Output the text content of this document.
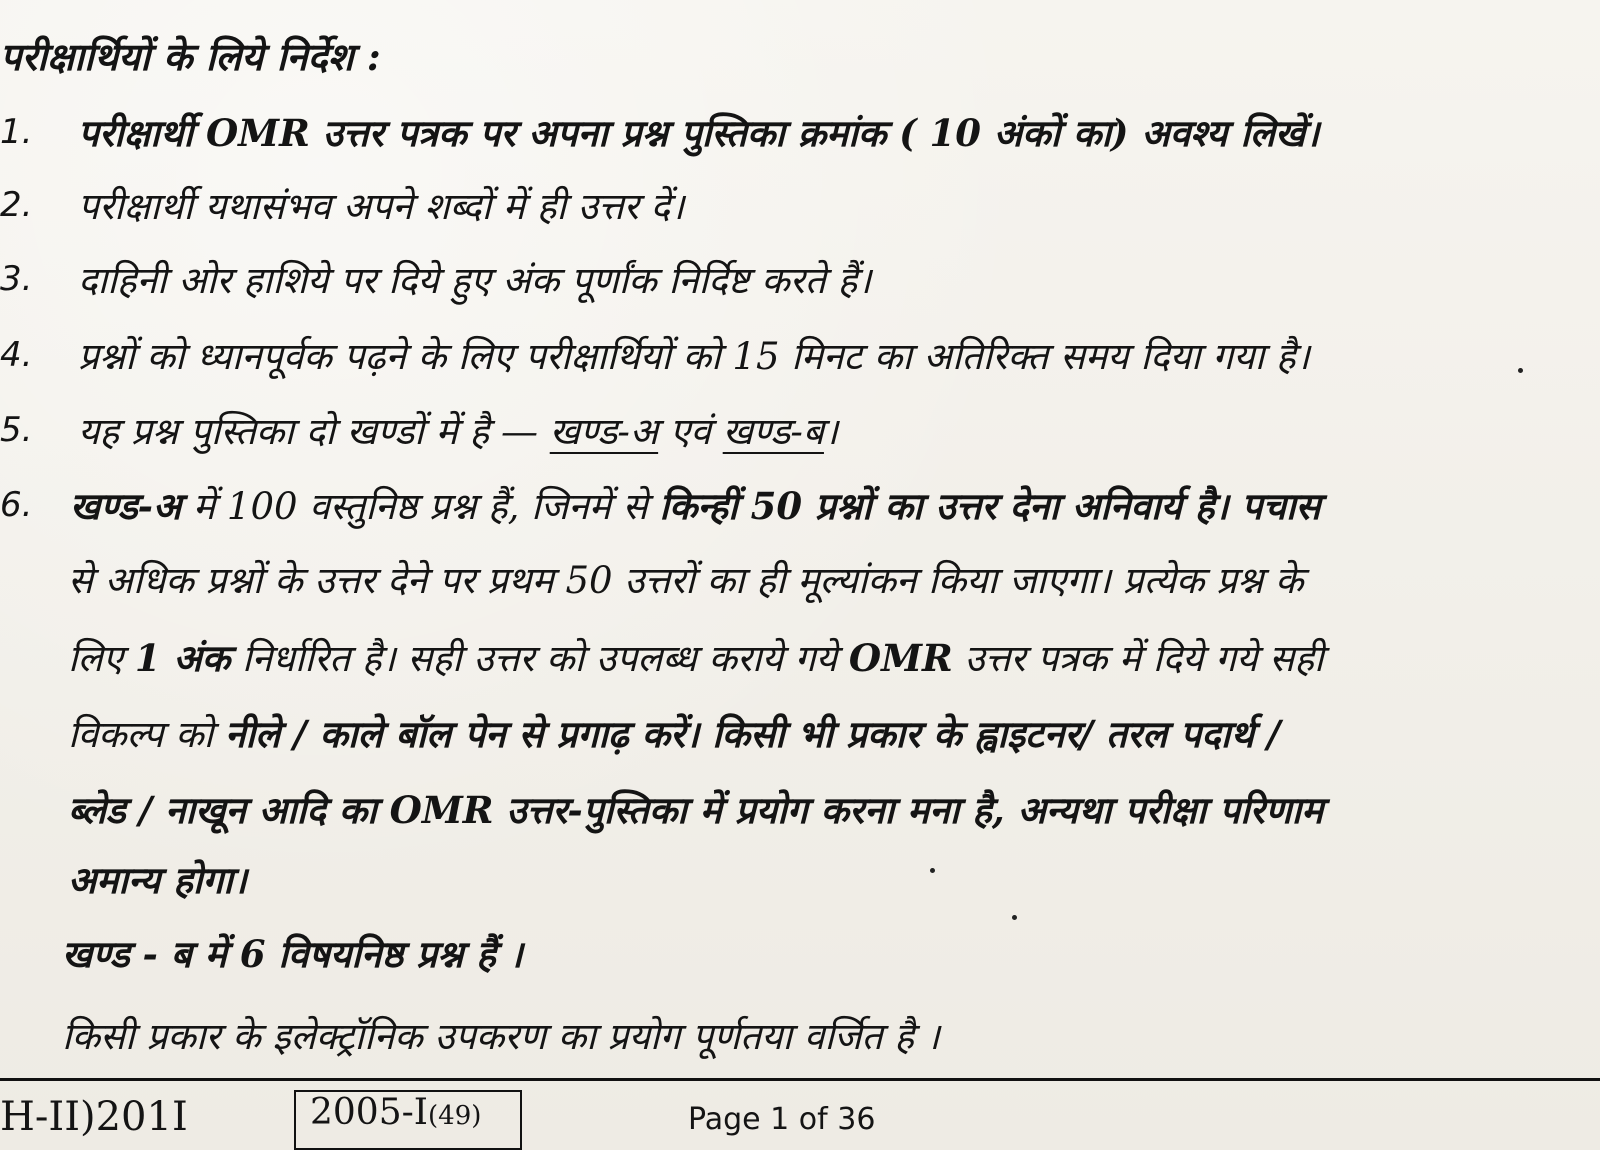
परीक्षार्थियों के लिये निर्देश :
1. परीक्षार्थी OMR उत्तर पत्रक पर अपना प्रश्न पुस्तिका क्रमांक ( 10 अंकों का) अवश्य लिखें।
2. परीक्षार्थी यथासंभव अपने शब्दों में ही उत्तर दें।
3. दाहिनी ओर हाशिये पर दिये हुए अंक पूर्णांक निर्दिष्ट करते हैं।
4. प्रश्नों को ध्यानपूर्वक पढ़ने के लिए परीक्षार्थियों को 15 मिनट का अतिरिक्त समय दिया गया है।
5. यह प्रश्न पुस्तिका दो खण्डों में है — खण्ड-अ एवं खण्ड-ब।
6. खण्ड-अ में 100 वस्तुनिष्ठ प्रश्न हैं, जिनमें से किन्हीं 50 प्रश्नों का उत्तर देना अनिवार्य है। पचास
से अधिक प्रश्नों के उत्तर देने पर प्रथम 50 उत्तरों का ही मूल्यांकन किया जाएगा। प्रत्येक प्रश्न के
लिए 1 अंक निर्धारित है। सही उत्तर को उपलब्ध कराये गये OMR उत्तर पत्रक में दिये गये सही
विकल्प को नीले / काले बॉल पेन से प्रगाढ़ करें। किसी भी प्रकार के ह्वाइटनर/ तरल पदार्थ /
ब्लेड / नाखून आदि का OMR उत्तर-पुस्तिका में प्रयोग करना मना है, अन्यथा परीक्षा परिणाम
अमान्य होगा।
खण्ड - ब में 6 विषयनिष्ठ प्रश्न हैं ।
किसी प्रकार के इलेक्ट्रॉनिक उपकरण का प्रयोग पूर्णतया वर्जित है ।
H-II)201I	2005-I(49)	Page 1 of 36
